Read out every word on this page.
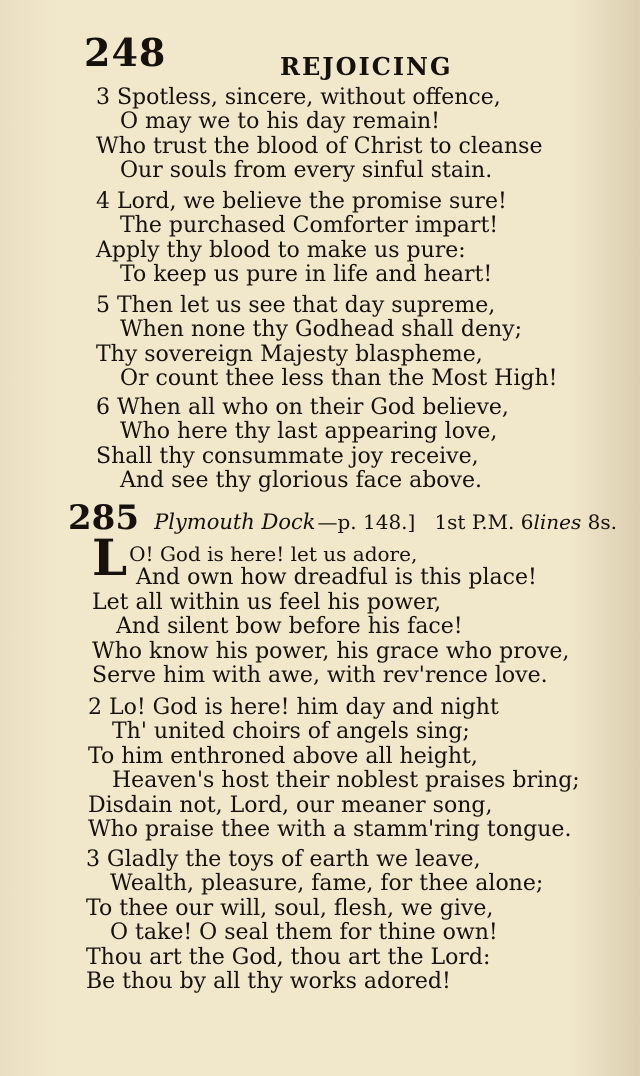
248	REJOICING
3 Spotless, sincere, without offence,
O may we to his day remain!
Who trust the blood of Christ to cleanse
Our souls from every sinful stain.
4 Lord, we believe the promise sure!
The purchased Comforter impart!
Apply thy blood to make us pure:
To keep us pure in life and heart!
5 Then let us see that day supreme,
When none thy Godhead shall deny;
Thy sovereign Majesty blaspheme,
Or count thee less than the Most High!
6 When all who on their God believe,
Who here thy last appearing love,
Shall thy consummate joy receive,
And see thy glorious face above.
285 Plymouth Dock —p. 148.] 1st P.M. 6lines 8s.
L O! God is here! let us adore,
And own how dreadful is this place!
Let all within us feel his power,
And silent bow before his face!
Who know his power, his grace who prove,
Serve him with awe, with rev'rence love.
2 Lo! God is here! him day and night
Th' united choirs of angels sing;
To him enthroned above all height,
Heaven's host their noblest praises bring;
Disdain not, Lord, our meaner song,
Who praise thee with a stamm'ring tongue.
3 Gladly the toys of earth we leave,
Wealth, pleasure, fame, for thee alone;
To thee our will, soul, flesh, we give,
O take! O seal them for thine own!
Thou art the God, thou art the Lord:
Be thou by all thy works adored!
